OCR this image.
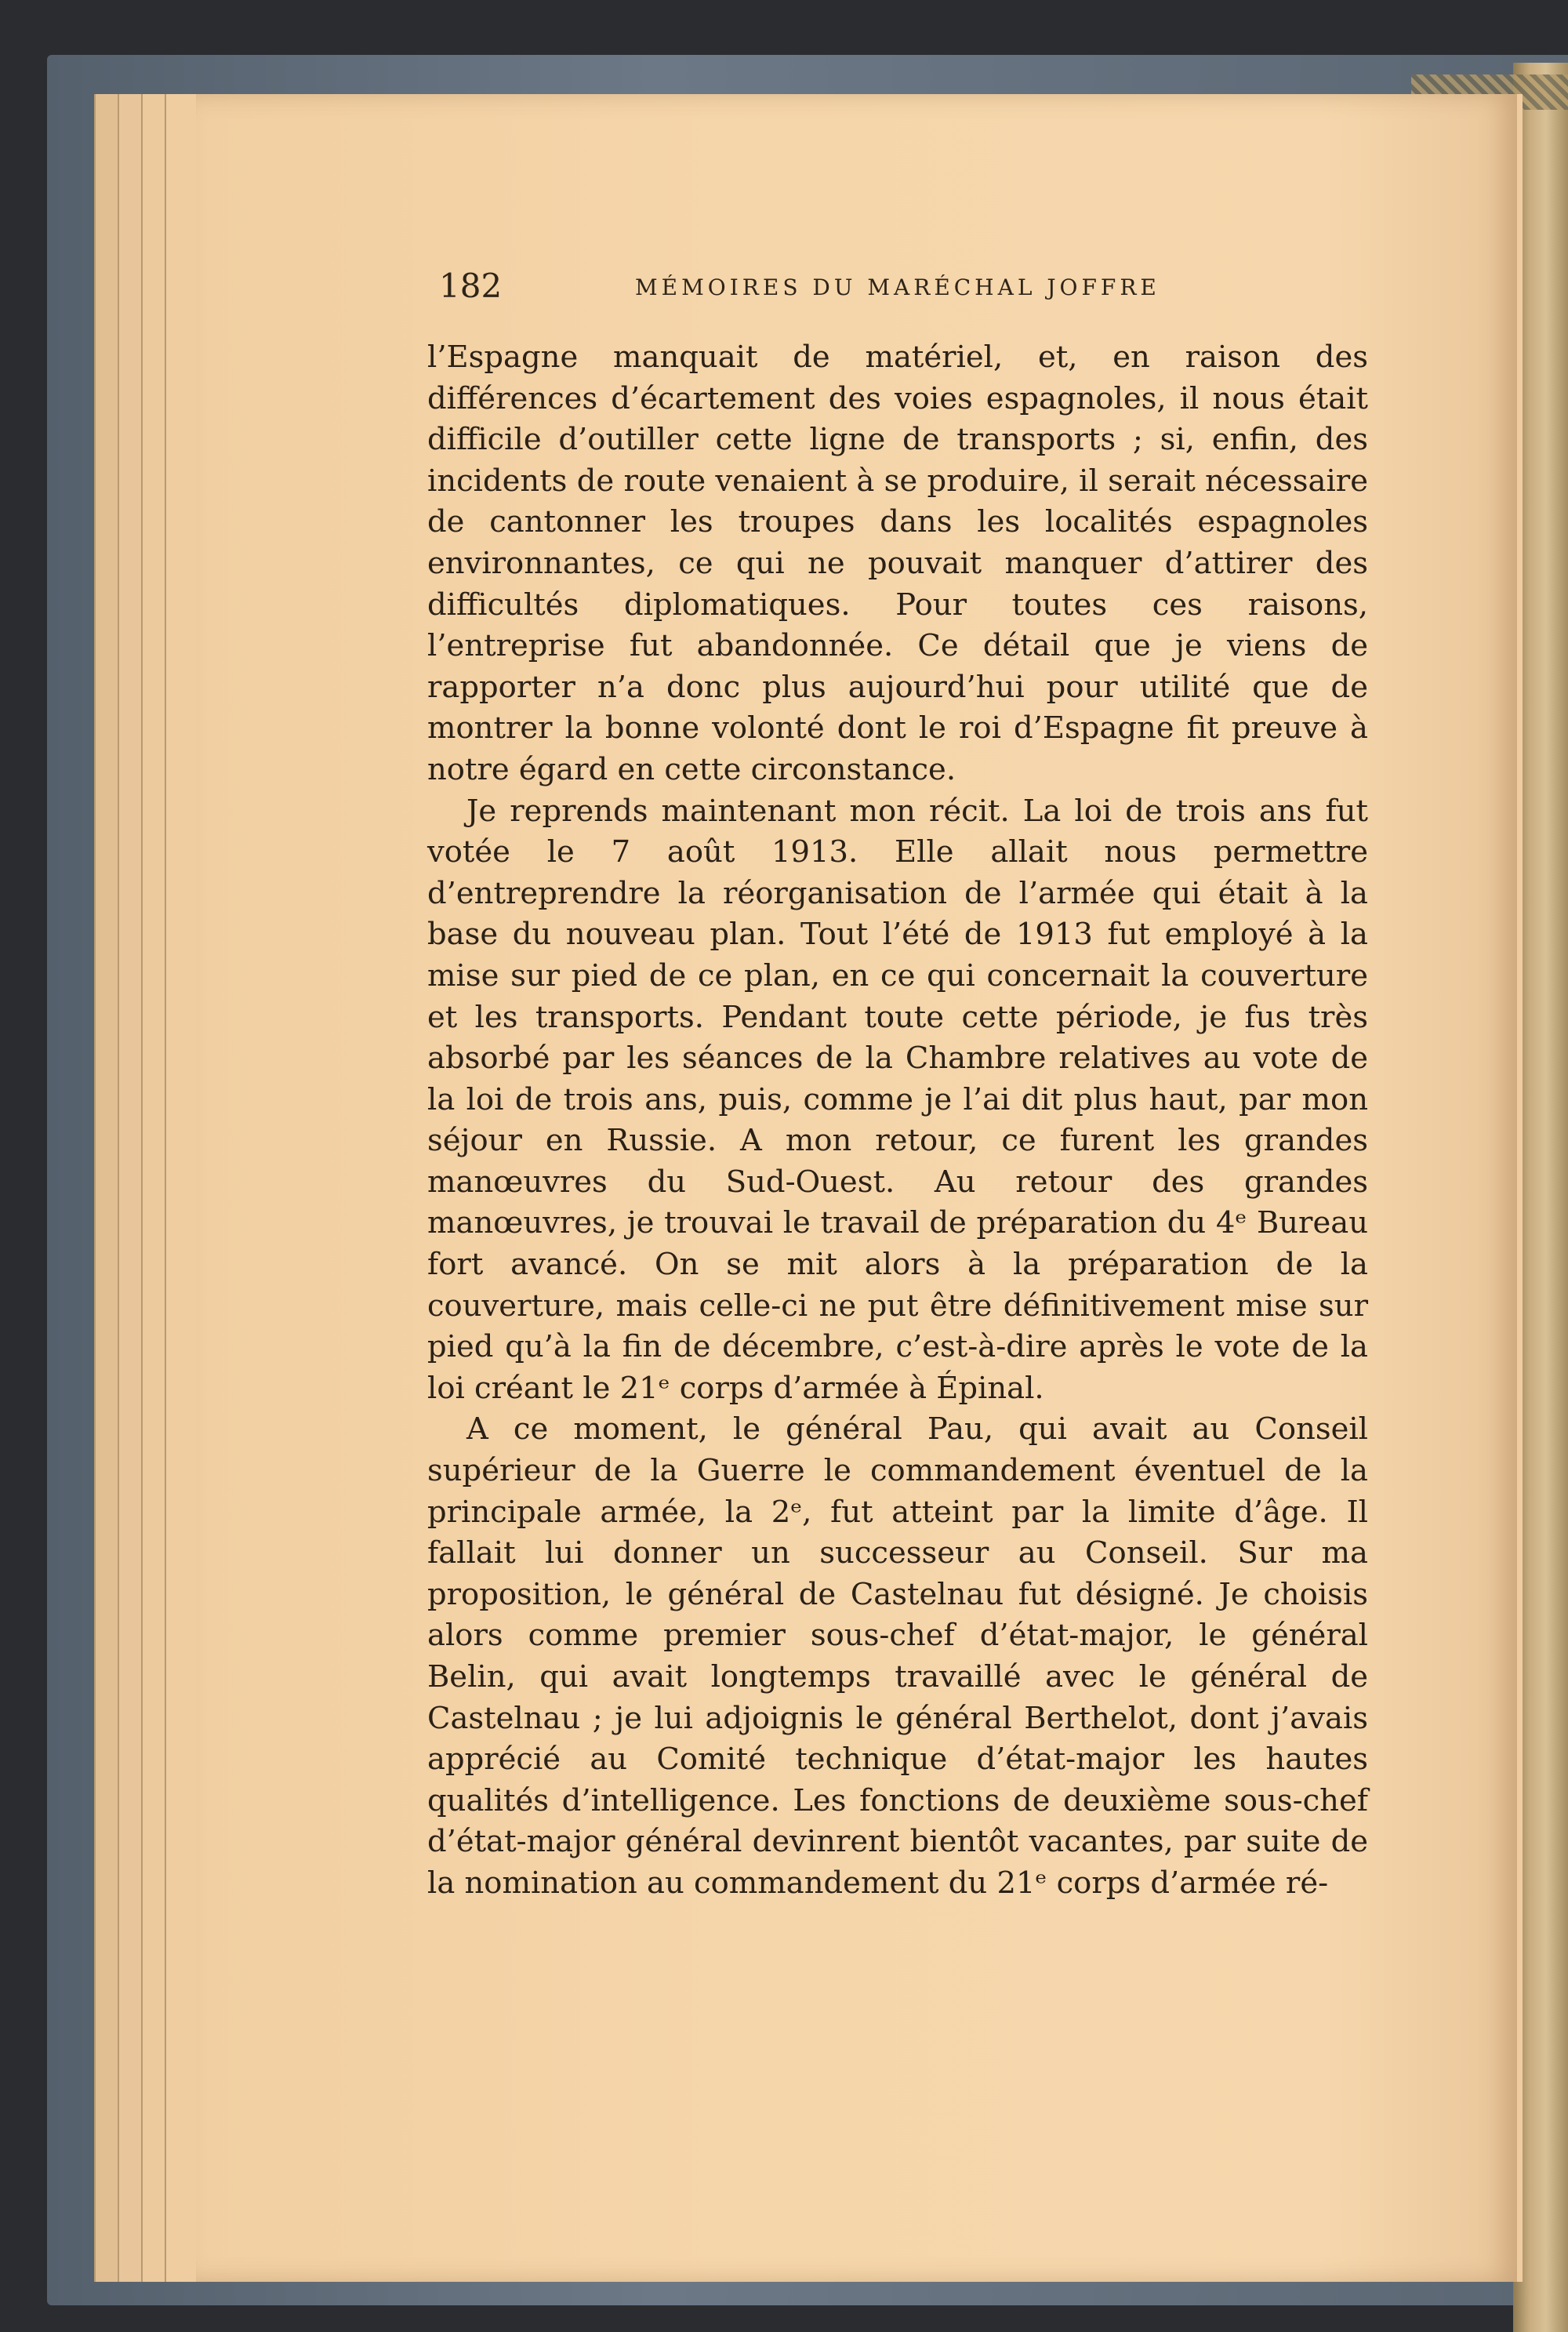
182	MÉMOIRES DU MARÉCHAL JOFFRE

l’Espagne manquait de matériel, et, en raison des différences d’écartement des voies espagnoles, il nous était difficile d’outiller cette ligne de transports ; si, enfin, des incidents de route venaient à se produire, il serait nécessaire de cantonner les troupes dans les localités espagnoles environnantes, ce qui ne pouvait manquer d’attirer des difficultés diplomatiques. Pour toutes ces raisons, l’entreprise fut abandonnée. Ce détail que je viens de rapporter n’a donc plus aujourd’hui pour utilité que de montrer la bonne volonté dont le roi d’Espagne fit preuve à notre égard en cette circonstance.

Je reprends maintenant mon récit. La loi de trois ans fut votée le 7 août 1913. Elle allait nous permettre d’entreprendre la réorganisation de l’armée qui était à la base du nouveau plan. Tout l’été de 1913 fut employé à la mise sur pied de ce plan, en ce qui concernait la couverture et les transports. Pendant toute cette période, je fus très absorbé par les séances de la Chambre relatives au vote de la loi de trois ans, puis, comme je l’ai dit plus haut, par mon séjour en Russie. A mon retour, ce furent les grandes manœuvres du Sud-Ouest. Au retour des grandes manœuvres, je trouvai le travail de préparation du 4ᵉ Bureau fort avancé. On se mit alors à la préparation de la couverture, mais celle-ci ne put être définitivement mise sur pied qu’à la fin de décembre, c’est-à-dire après le vote de la loi créant le 21ᵉ corps d’armée à Épinal.

A ce moment, le général Pau, qui avait au Conseil supérieur de la Guerre le commandement éventuel de la principale armée, la 2ᵉ, fut atteint par la limite d’âge. Il fallait lui donner un successeur au Conseil. Sur ma proposition, le général de Castelnau fut désigné. Je choisis alors comme premier sous-chef d’état-major, le général Belin, qui avait longtemps travaillé avec le général de Castelnau ; je lui adjoignis le général Berthelot, dont j’avais apprécié au Comité technique d’état-major les hautes qualités d’intelligence. Les fonctions de deuxième sous-chef d’état-major général devinrent bientôt vacantes, par suite de la nomination au commandement du 21ᵉ corps d’armée ré-
